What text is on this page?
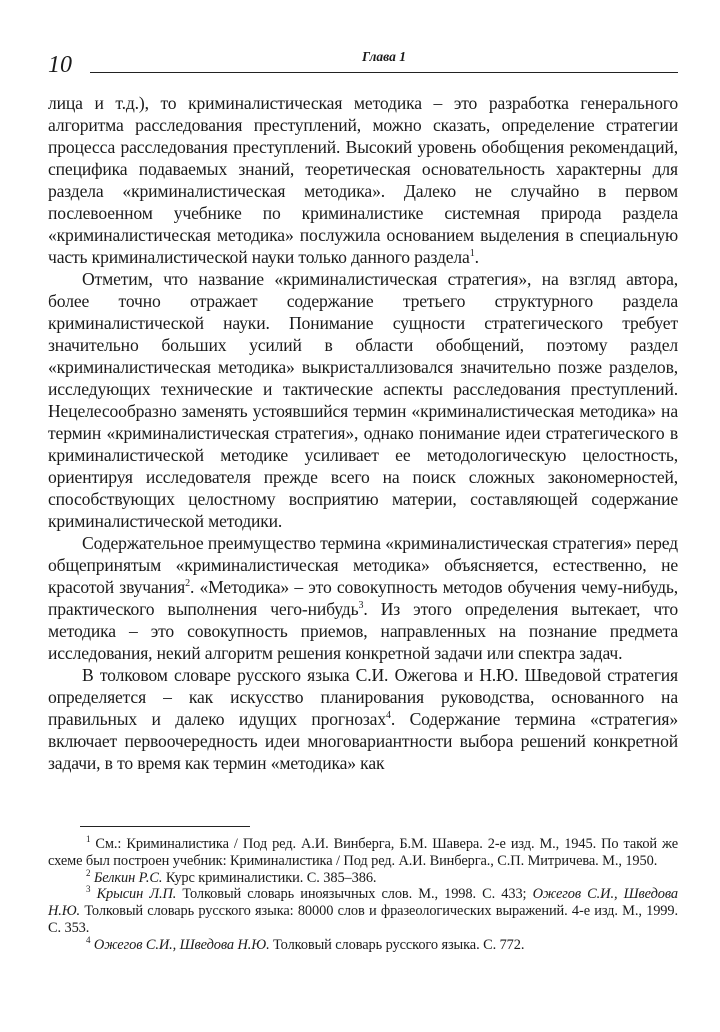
10	Глава 1

лица и т.д.), то криминалистическая методика – это разработка генерального алгоритма расследования преступлений, можно сказать, определение стратегии процесса расследования преступлений. Высокий уровень обобщения рекомендаций, специфика подаваемых знаний, теоретическая основательность характерны для раздела «криминалистическая методика». Далеко не случайно в первом послевоенном учебнике по криминалистике системная природа раздела «криминалистическая методика» послужила основанием выделения в специальную часть криминалистической науки только данного раздела$^1$.

Отметим, что название «криминалистическая стратегия», на взгляд автора, более точно отражает содержание третьего структурного раздела криминалистической науки. Понимание сущности стратегического требует значительно больших усилий в области обобщений, поэтому раздел «криминалистическая методика» выкристаллизовался значительно позже разделов, исследующих технические и тактические аспекты расследования преступлений. Нецелесообразно заменять устоявшийся термин «криминалистическая методика» на термин «криминалистическая стратегия», однако понимание идеи стратегического в криминалистической методике усиливает ее методологическую целостность, ориентируя исследователя прежде всего на поиск сложных закономерностей, способствующих целостному восприятию материи, составляющей содержание криминалистической методики.

Содержательное преимущество термина «криминалистическая стратегия» перед общепринятым «криминалистическая методика» объясняется, естественно, не красотой звучания$^2$. «Методика» – это совокупность методов обучения чему-нибудь, практического выполнения чего-нибудь$^3$. Из этого определения вытекает, что методика – это совокупность приемов, направленных на познание предмета исследования, некий алгоритм решения конкретной задачи или спектра задач.

В толковом словаре русского языка С.И. Ожегова и Н.Ю. Шведовой стратегия определяется – как искусство планирования руководства, основанного на правильных и далеко идущих прогнозах$^4$. Содержание термина «стратегия» включает первоочередность идеи многовариантности выбора решений конкретной задачи, в то время как термин «методика» как

$^1$ См.: Криминалистика / Под ред. А.И. Винберга, Б.М. Шавера. 2-е изд. М., 1945. По такой же схеме был построен учебник: Криминалистика / Под ред. А.И. Винберга., С.П. Митричева. М., 1950.

$^2$ Белкин Р.С. Курс криминалистики. С. 385–386.

$^3$ Крысин Л.П. Толковый словарь иноязычных слов. М., 1998. С. 433; Ожегов С.И., Шведова Н.Ю. Толковый словарь русского языка: 80000 слов и фразеологических выражений. 4-е изд. М., 1999. С. 353.

$^4$ Ожегов С.И., Шведова Н.Ю. Толковый словарь русского языка. С. 772.
